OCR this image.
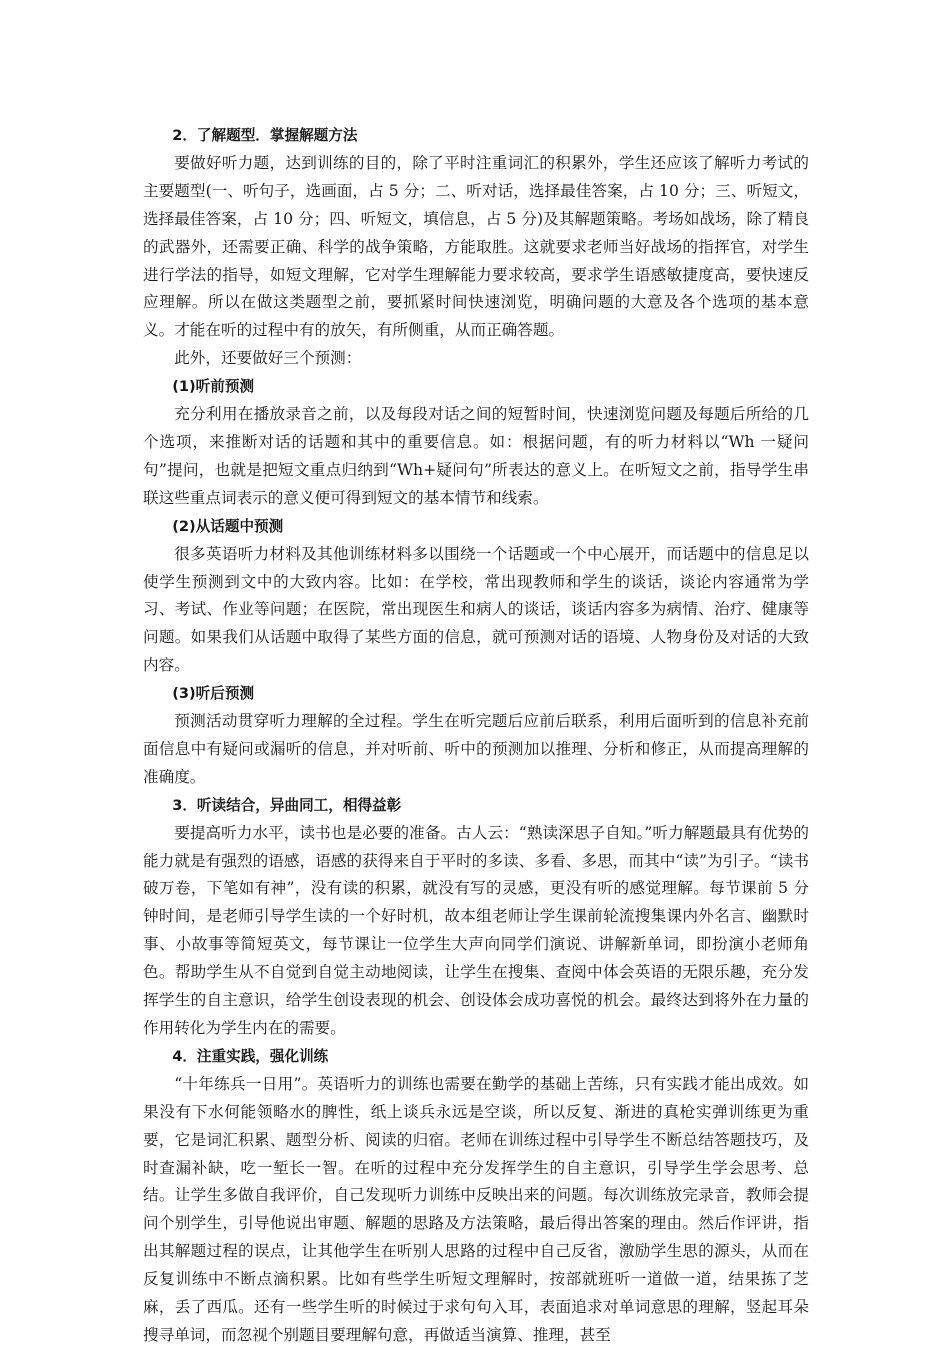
2．了解题型．掌握解题方法

要做好听力题，达到训练的目的，除了平时注重词汇的积累外，学生还应该了解听力考试的主要题型(一、听句子，选画面，占 5 分；二、听对话，选择最佳答案，占 10 分；三、听短文，选择最佳答案，占 10 分；四、听短文，填信息，占 5 分)及其解题策略。考场如战场，除了精良的武器外，还需要正确、科学的战争策略，方能取胜。这就要求老师当好战场的指挥官，对学生进行学法的指导，如短文理解，它对学生理解能力要求较高，要求学生语感敏捷度高，要快速反应理解。所以在做这类题型之前，要抓紧时间快速浏览，明确问题的大意及各个选项的基本意义。才能在听的过程中有的放矢，有所侧重，从而正确答题。

此外，还要做好三个预测：

(1)听前预测

充分利用在播放录音之前，以及每段对话之间的短暂时间，快速浏览问题及每题后所给的几个选项，来推断对话的话题和其中的重要信息。如：根据问题，有的听力材料以“Wh 一疑问句”提问，也就是把短文重点归纳到“Wh+疑问句”所表达的意义上。在听短文之前，指导学生串联这些重点词表示的意义便可得到短文的基本情节和线索。

(2)从话题中预测

很多英语听力材料及其他训练材料多以围绕一个话题或一个中心展开，而话题中的信息足以使学生预测到文中的大致内容。比如：在学校，常出现教师和学生的谈话，谈论内容通常为学习、考试、作业等问题；在医院，常出现医生和病人的谈话，谈话内容多为病情、治疗、健康等问题。如果我们从话题中取得了某些方面的信息，就可预测对话的语境、人物身份及对话的大致内容。

(3)听后预测

预测活动贯穿听力理解的全过程。学生在听完题后应前后联系，利用后面听到的信息补充前面信息中有疑问或漏听的信息，并对听前、听中的预测加以推理、分析和修正，从而提高理解的准确度。

3．听读结合，异曲同工，相得益彰

要提高听力水平，读书也是必要的准备。古人云：“熟读深思子自知。”听力解题最具有优势的能力就是有强烈的语感，语感的获得来自于平时的多读、多看、多思，而其中“读”为引子。“读书破万卷，下笔如有神”，没有读的积累，就没有写的灵感，更没有听的感觉理解。每节课前 5 分钟时间，是老师引导学生读的一个好时机，故本组老师让学生课前轮流搜集课内外名言、幽默时事、小故事等简短英文，每节课让一位学生大声向同学们演说、讲解新单词，即扮演小老师角色。帮助学生从不自觉到自觉主动地阅读，让学生在搜集、查阅中体会英语的无限乐趣，充分发挥学生的自主意识，给学生创设表现的机会、创设体会成功喜悦的机会。最终达到将外在力量的作用转化为学生内在的需要。

4．注重实践，强化训练

“十年练兵一日用”。英语听力的训练也需要在勤学的基础上苦练，只有实践才能出成效。如果没有下水何能领略水的脾性，纸上谈兵永远是空谈，所以反复、渐进的真枪实弹训练更为重要，它是词汇积累、题型分析、阅读的归宿。老师在训练过程中引导学生不断总结答题技巧，及时查漏补缺，吃一堑长一智。在听的过程中充分发挥学生的自主意识，引导学生学会思考、总结。让学生多做自我评价，自己发现听力训练中反映出来的问题。每次训练放完录音，教师会提问个别学生，引导他说出审题、解题的思路及方法策略，最后得出答案的理由。然后作评讲，指出其解题过程的误点，让其他学生在听别人思路的过程中自己反省，激励学生思的源头，从而在反复训练中不断点滴积累。比如有些学生听短文理解时，按部就班听一道做一道，结果拣了芝麻，丢了西瓜。还有一些学生听的时候过于求句句入耳，表面追求对单词意思的理解，竖起耳朵搜寻单词，而忽视个别题目要理解句意，再做适当演算、推理，甚至
